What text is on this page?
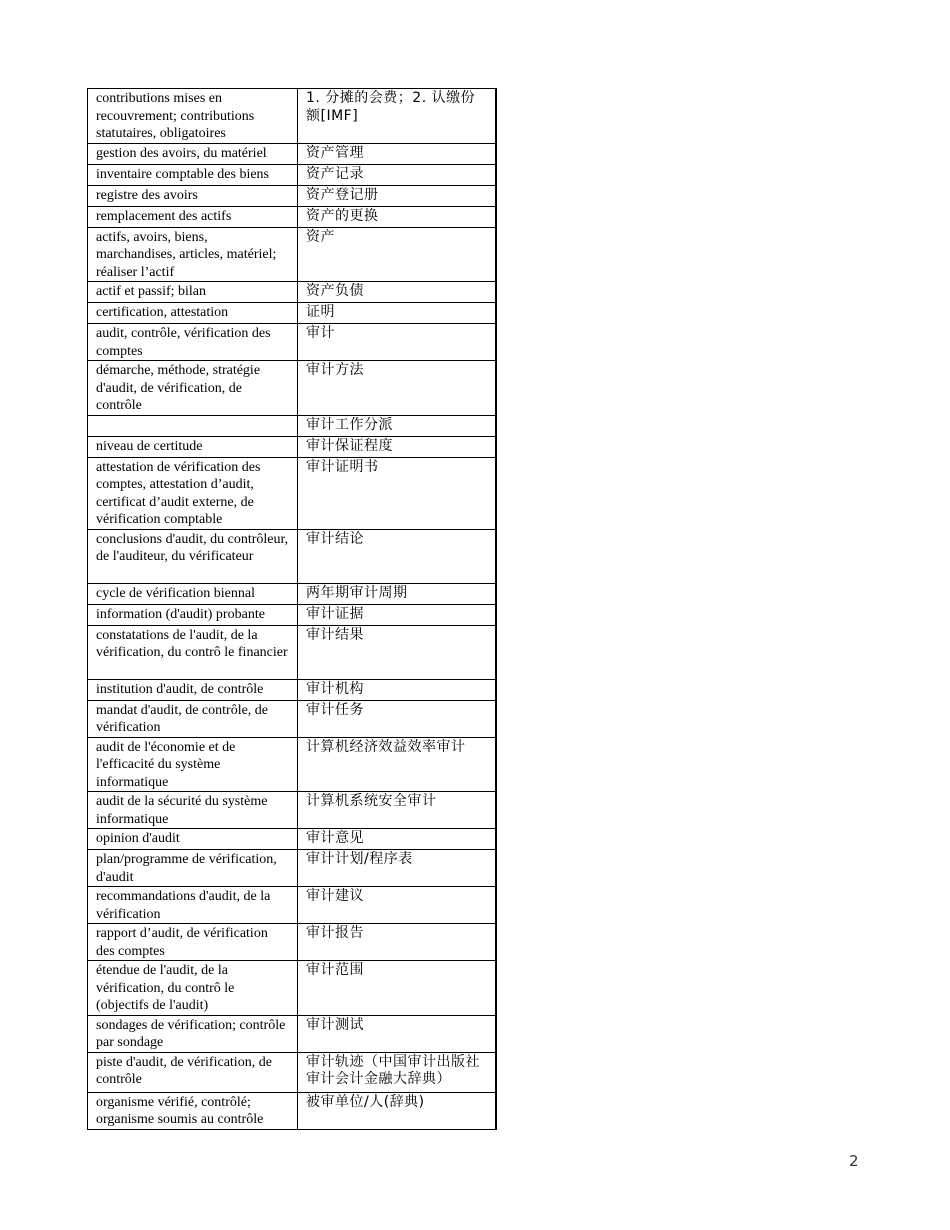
contributions mises en recouvrement; contributions statutaires, obligatoires	1. 分摊的会费；2. 认缴份额[IMF]
gestion des avoirs, du matériel	资产管理
inventaire comptable des biens	资产记录
registre des avoirs	资产登记册
remplacement des actifs	资产的更换
actifs, avoirs, biens, marchandises, articles, matériel; réaliser l’actif	资产
actif et passif; bilan	资产负债
certification, attestation	证明
audit, contrôle, vérification des comptes	审计
démarche, méthode, stratégie d'audit, de vérification, de contrôle	审计方法
	审计工作分派
niveau de certitude	审计保证程度
attestation de vérification des comptes, attestation d’audit, certificat d’audit externe, de vérification comptable	审计证明书
conclusions d'audit, du contrôleur, de l'auditeur, du vérificateur	审计结论
cycle de vérification biennal	两年期审计周期
information (d'audit) probante	审计证据
constatations de l'audit, de la vérification, du contrô le financier	审计结果
institution d'audit, de contrôle	审计机构
mandat d'audit, de contrôle, de vérification	审计任务
audit de l'économie et de l'efficacité du système informatique	计算机经济效益效率审计
audit de la sécurité du système informatique	计算机系统安全审计
opinion d'audit	审计意见
plan/programme de vérification, d'audit	审计计划/程序表
recommandations d'audit, de la vérification	审计建议
rapport d’audit, de vérification des comptes	审计报告
étendue de l'audit, de la vérification, du contrô le (objectifs de l'audit)	审计范围
sondages de vérification; contrôle par sondage	审计测试
piste d'audit, de vérification, de contrôle	审计轨迹（中国审计出版社审计会计金融大辞典）
organisme vérifié, contrôlé; organisme soumis au contrôle	被审单位/人(辞典)
2
